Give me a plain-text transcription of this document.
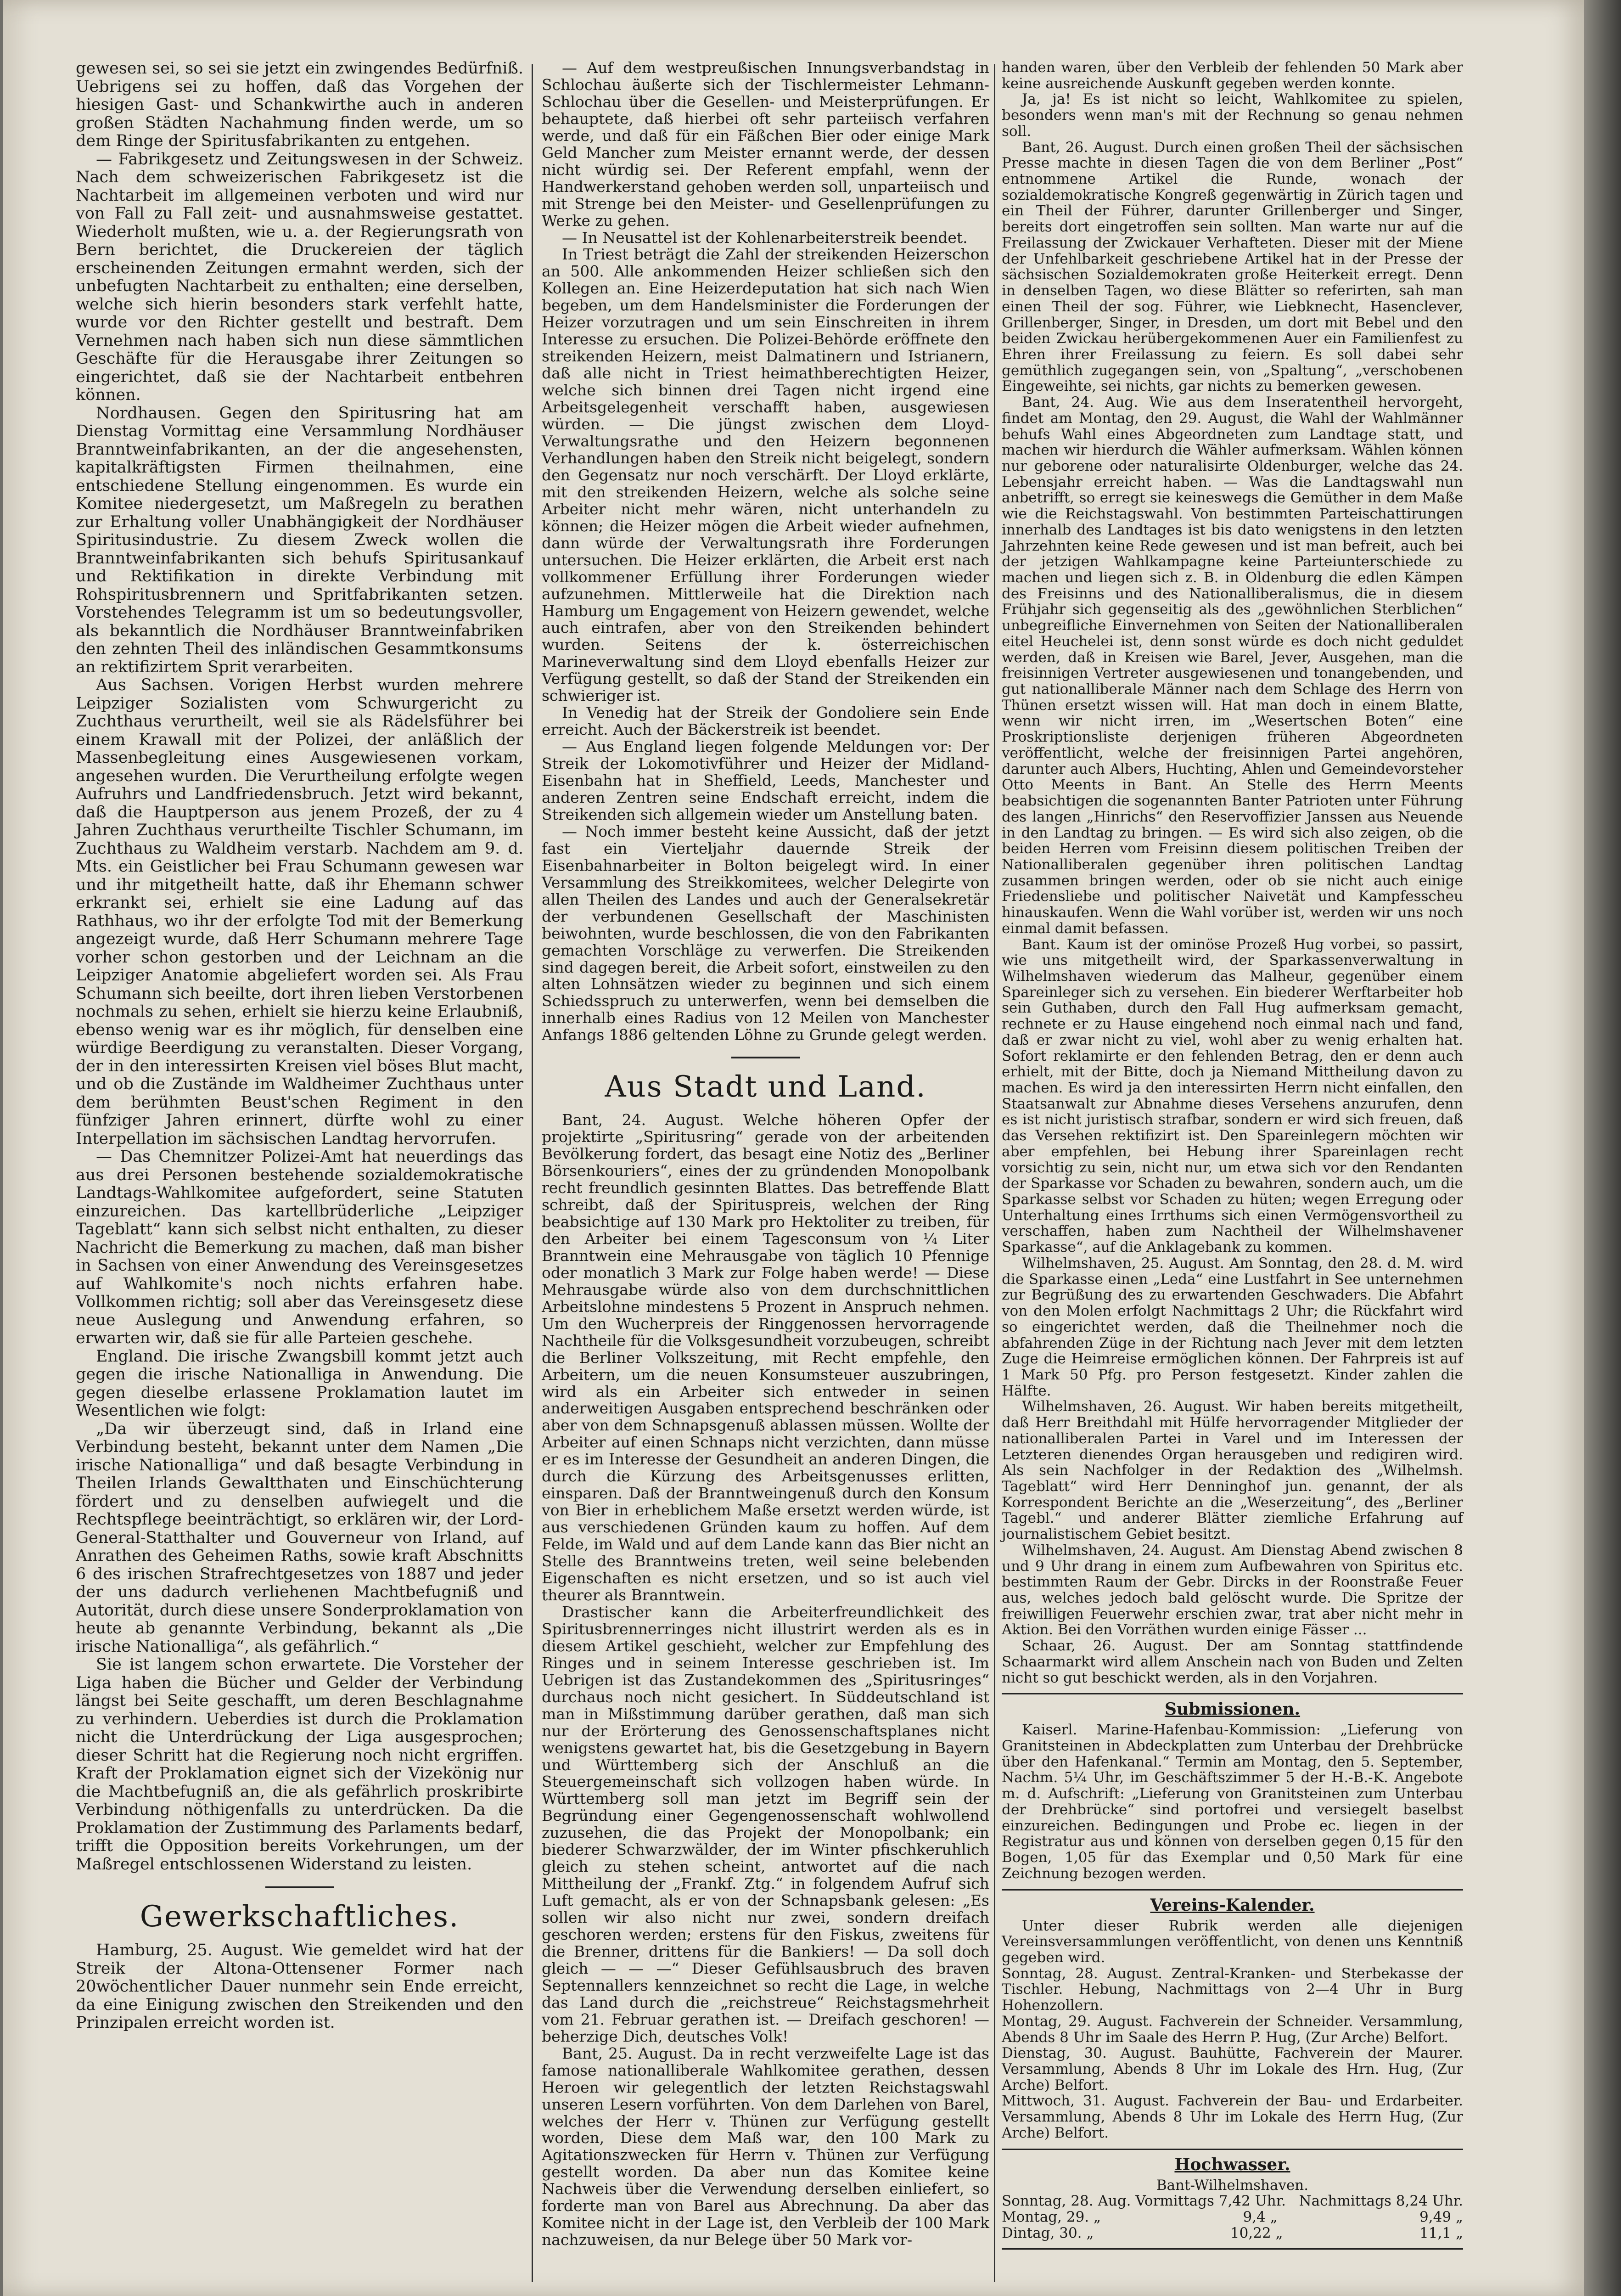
gewesen sei, so sei sie jetzt ein zwingendes Bedürfniß. Uebrigens sei zu hoffen, daß das Vorgehen der hiesigen Gast- und Schankwirthe auch in anderen großen Städten Nachahmung finden werde, um so dem Ringe der Spiritusfabrikanten zu entgehen.

— Fabrikgesetz und Zeitungswesen in der Schweiz. Nach dem schweizerischen Fabrikgesetz ist die Nachtarbeit im allgemeinen verboten und wird nur von Fall zu Fall zeit- und ausnahmsweise gestattet. Wiederholt mußten, wie u. a. der Regierungsrath von Bern berichtet, die Druckereien der täglich erscheinenden Zeitungen ermahnt werden, sich der unbefugten Nachtarbeit zu enthalten; eine derselben, welche sich hierin besonders stark verfehlt hatte, wurde vor den Richter gestellt und bestraft. Dem Vernehmen nach haben sich nun diese sämmtlichen Geschäfte für die Herausgabe ihrer Zeitungen so eingerichtet, daß sie der Nachtarbeit entbehren können.

Nordhausen. Gegen den Spiritusring hat am Dienstag Vormittag eine Versammlung Nordhäuser Branntweinfabrikanten, an der die angesehensten, kapitalkräftigsten Firmen theilnahmen, eine entschiedene Stellung eingenommen. Es wurde ein Komitee niedergesetzt, um Maßregeln zu berathen zur Erhaltung voller Unabhängigkeit der Nordhäuser Spiritusindustrie. Zu diesem Zweck wollen die Branntweinfabrikanten sich behufs Spiritusankauf und Rektifikation in direkte Verbindung mit Rohspiritusbrennern und Spritfabrikanten setzen. Vorstehendes Telegramm ist um so bedeutungsvoller, als bekanntlich die Nordhäuser Branntweinfabriken den zehnten Theil des inländischen Gesammtkonsums an rektifizirtem Sprit verarbeiten.

Aus Sachsen. Vorigen Herbst wurden mehrere Leipziger Sozialisten vom Schwurgericht zu Zuchthaus verurtheilt, weil sie als Rädelsführer bei einem Krawall mit der Polizei, der anläßlich der Massenbegleitung eines Ausgewiesenen vorkam, angesehen wurden. Die Verurtheilung erfolgte wegen Aufruhrs und Landfriedensbruch. Jetzt wird bekannt, daß die Hauptperson aus jenem Prozeß, der zu 4 Jahren Zuchthaus verurtheilte Tischler Schumann, im Zuchthaus zu Waldheim verstarb. Nachdem am 9. d. Mts. ein Geistlicher bei Frau Schumann gewesen war und ihr mitgetheilt hatte, daß ihr Ehemann schwer erkrankt sei, erhielt sie eine Ladung auf das Rathhaus, wo ihr der erfolgte Tod mit der Bemerkung angezeigt wurde, daß Herr Schumann mehrere Tage vorher schon gestorben und der Leichnam an die Leipziger Anatomie abgeliefert worden sei. Als Frau Schumann sich beeilte, dort ihren lieben Verstorbenen nochmals zu sehen, erhielt sie hierzu keine Erlaubniß, ebenso wenig war es ihr möglich, für denselben eine würdige Beerdigung zu veranstalten. Dieser Vorgang, der in den interessirten Kreisen viel böses Blut macht, und ob die Zustände im Waldheimer Zuchthaus unter dem berühmten Beust'schen Regiment in den fünfziger Jahren erinnert, dürfte wohl zu einer Interpellation im sächsischen Landtag hervorrufen.

— Das Chemnitzer Polizei-Amt hat neuerdings das aus drei Personen bestehende sozialdemokratische Landtags-Wahlkomitee aufgefordert, seine Statuten einzureichen. Das kartellbrüderliche „Leipziger Tageblatt“ kann sich selbst nicht enthalten, zu dieser Nachricht die Bemerkung zu machen, daß man bisher in Sachsen von einer Anwendung des Vereinsgesetzes auf Wahlkomite's noch nichts erfahren habe. Vollkommen richtig; soll aber das Vereinsgesetz diese neue Auslegung und Anwendung erfahren, so erwarten wir, daß sie für alle Parteien geschehe.

England. Die irische Zwangsbill kommt jetzt auch gegen die irische Nationalliga in Anwendung. Die gegen dieselbe erlassene Proklamation lautet im Wesentlichen wie folgt:

„Da wir überzeugt sind, daß in Irland eine Verbindung besteht, bekannt unter dem Namen „Die irische Nationalliga“ und daß besagte Verbindung in Theilen Irlands Gewaltthaten und Einschüchterung fördert und zu denselben aufwiegelt und die Rechtspflege beeinträchtigt, so erklären wir, der Lord-General-Statthalter und Gouverneur von Irland, auf Anrathen des Geheimen Raths, sowie kraft Abschnitts 6 des irischen Strafrechtgesetzes von 1887 und jeder der uns dadurch verliehenen Machtbefugniß und Autorität, durch diese unsere Sonderproklamation von heute ab genannte Verbindung, bekannt als „Die irische Nationalliga“, als gefährlich.“

Sie ist langem schon erwartete. Die Vorsteher der Liga haben die Bücher und Gelder der Verbindung längst bei Seite geschafft, um deren Beschlagnahme zu verhindern. Ueberdies ist durch die Proklamation nicht die Unterdrückung der Liga ausgesprochen; dieser Schritt hat die Regierung noch nicht ergriffen. Kraft der Proklamation eignet sich der Vizekönig nur die Machtbefugniß an, die als gefährlich proskribirte Verbindung nöthigenfalls zu unterdrücken. Da die Proklamation der Zustimmung des Parlaments bedarf, trifft die Opposition bereits Vorkehrungen, um der Maßregel entschlossenen Widerstand zu leisten.

Gewerkschaftliches.

Hamburg, 25. August. Wie gemeldet wird hat der Streik der Altona-Ottensener Former nach 20wöchentlicher Dauer nunmehr sein Ende erreicht, da eine Einigung zwischen den Streikenden und den Prinzipalen erreicht worden ist.

— Auf dem westpreußischen Innungsverbandstag in Schlochau äußerte sich der Tischlermeister Lehmann-Schlochau über die Gesellen- und Meisterprüfungen. Er behauptete, daß hierbei oft sehr parteiisch verfahren werde, und daß für ein Fäßchen Bier oder einige Mark Geld Mancher zum Meister ernannt werde, der dessen nicht würdig sei. Der Referent empfahl, wenn der Handwerkerstand gehoben werden soll, unparteiisch und mit Strenge bei den Meister- und Gesellenprüfungen zu Werke zu gehen.

— In Neusattel ist der Kohlenarbeiterstreik beendet.

In Triest beträgt die Zahl der streikenden Heizerschon an 500. Alle ankommenden Heizer schließen sich den Kollegen an. Eine Heizerdeputation hat sich nach Wien begeben, um dem Handelsminister die Forderungen der Heizer vorzutragen und um sein Einschreiten in ihrem Interesse zu ersuchen. Die Polizei-Behörde eröffnete den streikenden Heizern, meist Dalmatinern und Istrianern, daß alle nicht in Triest heimathberechtigten Heizer, welche sich binnen drei Tagen nicht irgend eine Arbeitsgelegenheit verschafft haben, ausgewiesen würden. — Die jüngst zwischen dem Lloyd-Verwaltungsrathe und den Heizern begonnenen Verhandlungen haben den Streik nicht beigelegt, sondern den Gegensatz nur noch verschärft. Der Lloyd erklärte, mit den streikenden Heizern, welche als solche seine Arbeiter nicht mehr wären, nicht unterhandeln zu können; die Heizer mögen die Arbeit wieder aufnehmen, dann würde der Verwaltungsrath ihre Forderungen untersuchen. Die Heizer erklärten, die Arbeit erst nach vollkommener Erfüllung ihrer Forderungen wieder aufzunehmen. Mittlerweile hat die Direktion nach Hamburg um Engagement von Heizern gewendet, welche auch eintrafen, aber von den Streikenden behindert wurden. Seitens der k. österreichischen Marineverwaltung sind dem Lloyd ebenfalls Heizer zur Verfügung gestellt, so daß der Stand der Streikenden ein schwieriger ist.

In Venedig hat der Streik der Gondoliere sein Ende erreicht. Auch der Bäckerstreik ist beendet.

— Aus England liegen folgende Meldungen vor: Der Streik der Lokomotivführer und Heizer der Midland-Eisenbahn hat in Sheffield, Leeds, Manchester und anderen Zentren seine Endschaft erreicht, indem die Streikenden sich allgemein wieder um Anstellung baten.

— Noch immer besteht keine Aussicht, daß der jetzt fast ein Vierteljahr dauernde Streik der Eisenbahnarbeiter in Bolton beigelegt wird. In einer Versammlung des Streikkomitees, welcher Delegirte von allen Theilen des Landes und auch der Generalsekretär der verbundenen Gesellschaft der Maschinisten beiwohnten, wurde beschlossen, die von den Fabrikanten gemachten Vorschläge zu verwerfen. Die Streikenden sind dagegen bereit, die Arbeit sofort, einstweilen zu den alten Lohnsätzen wieder zu beginnen und sich einem Schiedsspruch zu unterwerfen, wenn bei demselben die innerhalb eines Radius von 12 Meilen von Manchester Anfangs 1886 geltenden Löhne zu Grunde gelegt werden.

Aus Stadt und Land.

Bant, 24. August. Welche höheren Opfer der projektirte „Spiritusring“ gerade von der arbeitenden Bevölkerung fordert, das besagt eine Notiz des „Berliner Börsenkouriers“, eines der zu gründenden Monopolbank recht freundlich gesinnten Blattes. Das betreffende Blatt schreibt, daß der Spirituspreis, welchen der Ring beabsichtige auf 130 Mark pro Hektoliter zu treiben, für den Arbeiter bei einem Tagesconsum von ¼ Liter Branntwein eine Mehrausgabe von täglich 10 Pfennige oder monatlich 3 Mark zur Folge haben werde! — Diese Mehrausgabe würde also von dem durchschnittlichen Arbeitslohne mindestens 5 Prozent in Anspruch nehmen. Um den Wucherpreis der Ringgenossen hervorragende Nachtheile für die Volksgesundheit vorzubeugen, schreibt die Berliner Volkszeitung, mit Recht empfehle, den Arbeitern, um die neuen Konsumsteuer auszubringen, wird als ein Arbeiter sich entweder in seinen anderweitigen Ausgaben entsprechend beschränken oder aber von dem Schnapsgenuß ablassen müssen. Wollte der Arbeiter auf einen Schnaps nicht verzichten, dann müsse er es im Interesse der Gesundheit an anderen Dingen, die durch die Kürzung des Arbeitsgenusses erlitten, einsparen. Daß der Branntweingenuß durch den Konsum von Bier in erheblichem Maße ersetzt werden würde, ist aus verschiedenen Gründen kaum zu hoffen. Auf dem Felde, im Wald und auf dem Lande kann das Bier nicht an Stelle des Branntweins treten, weil seine belebenden Eigenschaften es nicht ersetzen, und so ist auch viel theurer als Branntwein.

Drastischer kann die Arbeiterfreundlichkeit des Spiritusbrennerringes nicht illustrirt werden als es in diesem Artikel geschieht, welcher zur Empfehlung des Ringes und in seinem Interesse geschrieben ist. Im Uebrigen ist das Zustandekommen des „Spiritusringes“ durchaus noch nicht gesichert. In Süddeutschland ist man in Mißstimmung darüber gerathen, daß man sich nur der Erörterung des Genossenschaftsplanes nicht wenigstens gewartet hat, bis die Gesetzgebung in Bayern und Württemberg sich der Anschluß an die Steuergemeinschaft sich vollzogen haben würde. In Württemberg soll man jetzt im Begriff sein der Begründung einer Gegengenossenschaft wohlwollend zuzusehen, die das Projekt der Monopolbank; ein biederer Schwarzwälder, der im Winter pfischkeruhlich gleich zu stehen scheint, antwortet auf die nach Mittheilung der „Frankf. Ztg.“ in folgendem Aufruf sich Luft gemacht, als er von der Schnapsbank gelesen: „Es sollen wir also nicht nur zwei, sondern dreifach geschoren werden; erstens für den Fiskus, zweitens für die Brenner, drittens für die Bankiers! — Da soll doch gleich — — —“ Dieser Gefühlsausbruch des braven Septennallers kennzeichnet so recht die Lage, in welche das Land durch die „reichstreue“ Reichstagsmehrheit vom 21. Februar gerathen ist. — Dreifach geschoren! — beherzige Dich, deutsches Volk!

Bant, 25. August. Da in recht verzweifelte Lage ist das famose nationalliberale Wahlkomitee gerathen, dessen Heroen wir gelegentlich der letzten Reichstagswahl unseren Lesern vorführten. Von dem Darlehen von Barel, welches der Herr v. Thünen zur Verfügung gestellt worden, Diese dem Maß war, den 100 Mark zu Agitationszwecken für Herrn v. Thünen zur Verfügung gestellt worden. Da aber nun das Komitee keine Nachweis über die Verwendung derselben einliefert, so forderte man von Barel aus Abrechnung. Da aber das Komitee nicht in der Lage ist, den Verbleib der 100 Mark nachzuweisen, da nur Belege über 50 Mark vor-

handen waren, über den Verbleib der fehlenden 50 Mark aber keine ausreichende Auskunft gegeben werden konnte.

Ja, ja! Es ist nicht so leicht, Wahlkomitee zu spielen, besonders wenn man's mit der Rechnung so genau nehmen soll.

Bant, 26. August. Durch einen großen Theil der sächsischen Presse machte in diesen Tagen die von dem Berliner „Post“ entnommene Artikel die Runde, wonach der sozialdemokratische Kongreß gegenwärtig in Zürich tagen und ein Theil der Führer, darunter Grillenberger und Singer, bereits dort eingetroffen sein sollten. Man warte nur auf die Freilassung der Zwickauer Verhafteten. Dieser mit der Miene der Unfehlbarkeit geschriebene Artikel hat in der Presse der sächsischen Sozialdemokraten große Heiterkeit erregt. Denn in denselben Tagen, wo diese Blätter so referirten, sah man einen Theil der sog. Führer, wie Liebknecht, Hasenclever, Grillenberger, Singer, in Dresden, um dort mit Bebel und den beiden Zwickau herübergekommenen Auer ein Familienfest zu Ehren ihrer Freilassung zu feiern. Es soll dabei sehr gemüthlich zugegangen sein, von „Spaltung“, „verschobenen Eingeweihte, sei nichts, gar nichts zu bemerken gewesen.

Bant, 24. Aug. Wie aus dem Inseratentheil hervorgeht, findet am Montag, den 29. August, die Wahl der Wahlmänner behufs Wahl eines Abgeordneten zum Landtage statt, und machen wir hierdurch die Wähler aufmerksam. Wählen können nur geborene oder naturalisirte Oldenburger, welche das 24. Lebensjahr erreicht haben. — Was die Landtagswahl nun anbetrifft, so erregt sie keineswegs die Gemüther in dem Maße wie die Reichstagswahl. Von bestimmten Parteischattirungen innerhalb des Landtages ist bis dato wenigstens in den letzten Jahrzehnten keine Rede gewesen und ist man befreit, auch bei der jetzigen Wahlkampagne keine Parteiunterschiede zu machen und liegen sich z. B. in Oldenburg die edlen Kämpen des Freisinns und des Nationalliberalismus, die in diesem Frühjahr sich gegenseitig als des „gewöhnlichen Sterblichen“ unbegreifliche Einvernehmen von Seiten der Nationalliberalen eitel Heuchelei ist, denn sonst würde es doch nicht geduldet werden, daß in Kreisen wie Barel, Jever, Ausgehen, man die freisinnigen Vertreter ausgewiesenen und tonangebenden, und gut nationalliberale Männer nach dem Schlage des Herrn von Thünen ersetzt wissen will. Hat man doch in einem Blatte, wenn wir nicht irren, im „Wesertschen Boten“ eine Proskriptionsliste derjenigen früheren Abgeordneten veröffentlicht, welche der freisinnigen Partei angehören, darunter auch Albers, Huchting, Ahlen und Gemeindevorsteher Otto Meents in Bant. An Stelle des Herrn Meents beabsichtigen die sogenannten Banter Patrioten unter Führung des langen „Hinrichs“ den Reservoffizier Janssen aus Neuende in den Landtag zu bringen. — Es wird sich also zeigen, ob die beiden Herren vom Freisinn diesem politischen Treiben der Nationalliberalen gegenüber ihren politischen Landtag zusammen bringen werden, oder ob sie nicht auch einige Friedensliebe und politischer Naivetät und Kampfesscheu hinauskaufen. Wenn die Wahl vorüber ist, werden wir uns noch einmal damit befassen.

Bant. Kaum ist der ominöse Prozeß Hug vorbei, so passirt, wie uns mitgetheilt wird, der Sparkassenverwaltung in Wilhelmshaven wiederum das Malheur, gegenüber einem Spareinleger sich zu versehen. Ein biederer Werftarbeiter hob sein Guthaben, durch den Fall Hug aufmerksam gemacht, rechnete er zu Hause eingehend noch einmal nach und fand, daß er zwar nicht zu viel, wohl aber zu wenig erhalten hat. Sofort reklamirte er den fehlenden Betrag, den er denn auch erhielt, mit der Bitte, doch ja Niemand Mittheilung davon zu machen. Es wird ja den interessirten Herrn nicht einfallen, den Staatsanwalt zur Abnahme dieses Versehens anzurufen, denn es ist nicht juristisch strafbar, sondern er wird sich freuen, daß das Versehen rektifizirt ist. Den Spareinlegern möchten wir aber empfehlen, bei Hebung ihrer Spareinlagen recht vorsichtig zu sein, nicht nur, um etwa sich vor den Rendanten der Sparkasse vor Schaden zu bewahren, sondern auch, um die Sparkasse selbst vor Schaden zu hüten; wegen Erregung oder Unterhaltung eines Irrthums sich einen Vermögensvortheil zu verschaffen, haben zum Nachtheil der Wilhelmshavener Sparkasse“, auf die Anklagebank zu kommen.

Wilhelmshaven, 25. August. Am Sonntag, den 28. d. M. wird die Sparkasse einen „Leda“ eine Lustfahrt in See unternehmen zur Begrüßung des zu erwartenden Geschwaders. Die Abfahrt von den Molen erfolgt Nachmittags 2 Uhr; die Rückfahrt wird so eingerichtet werden, daß die Theilnehmer noch die abfahrenden Züge in der Richtung nach Jever mit dem letzten Zuge die Heimreise ermöglichen können. Der Fahrpreis ist auf 1 Mark 50 Pfg. pro Person festgesetzt. Kinder zahlen die Hälfte.

Wilhelmshaven, 26. August. Wir haben bereits mitgetheilt, daß Herr Breithdahl mit Hülfe hervorragender Mitglieder der nationalliberalen Partei in Varel und im Interessen der Letzteren dienendes Organ herausgeben und redigiren wird. Als sein Nachfolger in der Redaktion des „Wilhelmsh. Tageblatt“ wird Herr Denninghof jun. genannt, der als Korrespondent Berichte an die „Weserzeitung“, des „Berliner Tagebl.“ und anderer Blätter ziemliche Erfahrung auf journalistischem Gebiet besitzt.

Wilhelmshaven, 24. August. Am Dienstag Abend zwischen 8 und 9 Uhr drang in einem zum Aufbewahren von Spiritus etc. bestimmten Raum der Gebr. Dircks in der Roonstraße Feuer aus, welches jedoch bald gelöscht wurde. Die Spritze der freiwilligen Feuerwehr erschien zwar, trat aber nicht mehr in Aktion. Bei den Vorräthen wurden einige Fässer ...

Schaar, 26. August. Der am Sonntag stattfindende Schaarmarkt wird allem Anschein nach von Buden und Zelten nicht so gut beschickt werden, als in den Vorjahren.

Submissionen.

Kaiserl. Marine-Hafenbau-Kommission: „Lieferung von Granitsteinen in Abdeckplatten zum Unterbau der Drehbrücke über den Hafenkanal.“ Termin am Montag, den 5. September, Nachm. 5¼ Uhr, im Geschäftszimmer 5 der H.-B.-K. Angebote m. d. Aufschrift: „Lieferung von Granitsteinen zum Unterbau der Drehbrücke“ sind portofrei und versiegelt baselbst einzureichen. Bedingungen und Probe ec. liegen in der Registratur aus und können von derselben gegen 0,15 für den Bogen, 1,05 für das Exemplar und 0,50 Mark für eine Zeichnung bezogen werden.

Vereins-Kalender.

Unter dieser Rubrik werden alle diejenigen Vereinsversammlungen veröffentlicht, von denen uns Kenntniß gegeben wird.

Sonntag, 28. August. Zentral-Kranken- und Sterbekasse der Tischler. Hebung, Nachmittags von 2—4 Uhr in Burg Hohenzollern.

Montag, 29. August. Fachverein der Schneider. Versammlung, Abends 8 Uhr im Saale des Herrn P. Hug, (Zur Arche) Belfort.

Dienstag, 30. August. Bauhütte, Fachverein der Maurer. Versammlung, Abends 8 Uhr im Lokale des Hrn. Hug, (Zur Arche) Belfort.

Mittwoch, 31. August. Fachverein der Bau- und Erdarbeiter. Versammlung, Abends 8 Uhr im Lokale des Herrn Hug, (Zur Arche) Belfort.

Hochwasser.
Bant-Wilhelmshaven.
Sonntag, 28. Aug. Vormittags 7,42 Uhr. Nachmittags 8,24 Uhr.
Montag, 29. „	9,4 „	9,49 „
Dintag, 30. „	10,22 „	11,1 „
